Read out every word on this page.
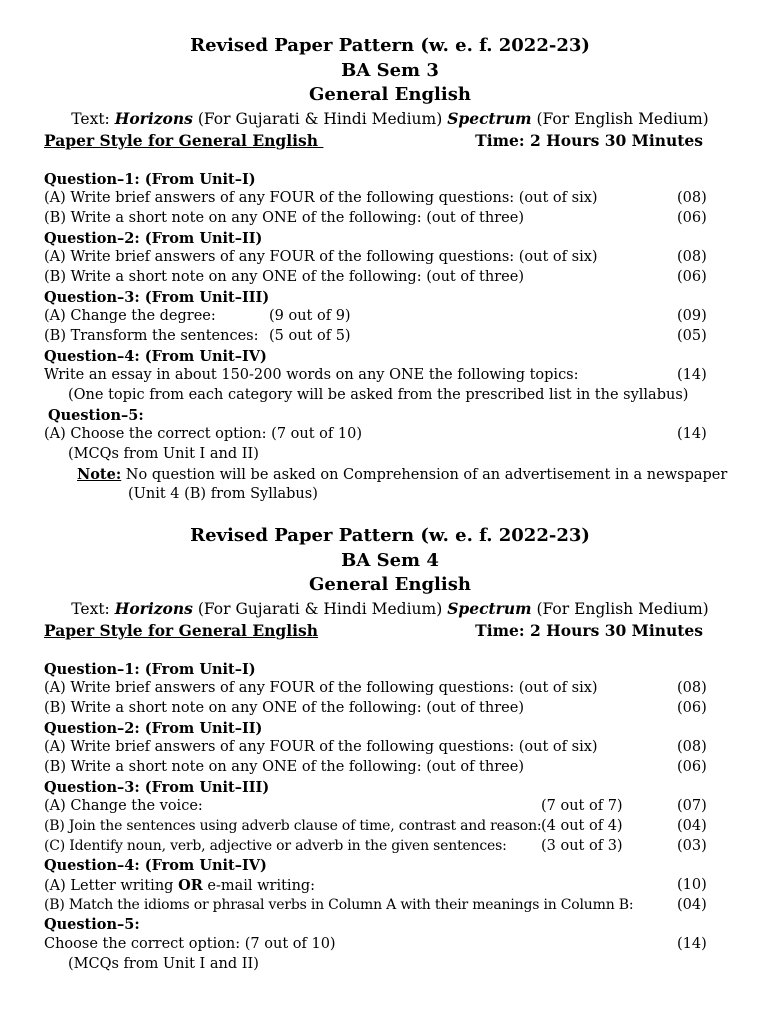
Revised Paper Pattern (w. e. f. 2022-23)
BA Sem 3
General English
Text: Horizons (For Gujarati & Hindi Medium) Spectrum (For English Medium)
Paper Style for General English	Time: 2 Hours 30 Minutes
Question–1: (From Unit–I)
(A) Write brief answers of any FOUR of the following questions: (out of six)	(08)
(B) Write a short note on any ONE of the following: (out of three)	(06)
Question–2: (From Unit–II)
(A) Write brief answers of any FOUR of the following questions: (out of six)	(08)
(B) Write a short note on any ONE of the following: (out of three)	(06)
Question–3: (From Unit–III)
(A) Change the degree:	(9 out of 9)	(09)
(B) Transform the sentences: (5 out of 5)	(05)
Question–4: (From Unit–IV)
Write an essay in about 150-200 words on any ONE the following topics:	(14)
(One topic from each category will be asked from the prescribed list in the syllabus)
Question–5:
(A) Choose the correct option: (7 out of 10)	(14)
(MCQs from Unit I and II)
Note: No question will be asked on Comprehension of an advertisement in a newspaper
(Unit 4 (B) from Syllabus)
Revised Paper Pattern (w. e. f. 2022-23)
BA Sem 4
General English
Text: Horizons (For Gujarati & Hindi Medium) Spectrum (For English Medium)
Paper Style for General English	Time: 2 Hours 30 Minutes
Question–1: (From Unit–I)
(A) Write brief answers of any FOUR of the following questions: (out of six)	(08)
(B) Write a short note on any ONE of the following: (out of three)	(06)
Question–2: (From Unit–II)
(A) Write brief answers of any FOUR of the following questions: (out of six)	(08)
(B) Write a short note on any ONE of the following: (out of three)	(06)
Question–3: (From Unit–III)
(A) Change the voice:	(7 out of 7)	(07)
(B) Join the sentences using adverb clause of time, contrast and reason: (4 out of 4)	(04)
(C) Identify noun, verb, adjective or adverb in the given sentences: (3 out of 3)	(03)
Question–4: (From Unit–IV)
(A) Letter writing OR e-mail writing:	(10)
(B) Match the idioms or phrasal verbs in Column A with their meanings in Column B:	(04)
Question–5:
Choose the correct option: (7 out of 10)	(14)
(MCQs from Unit I and II)
